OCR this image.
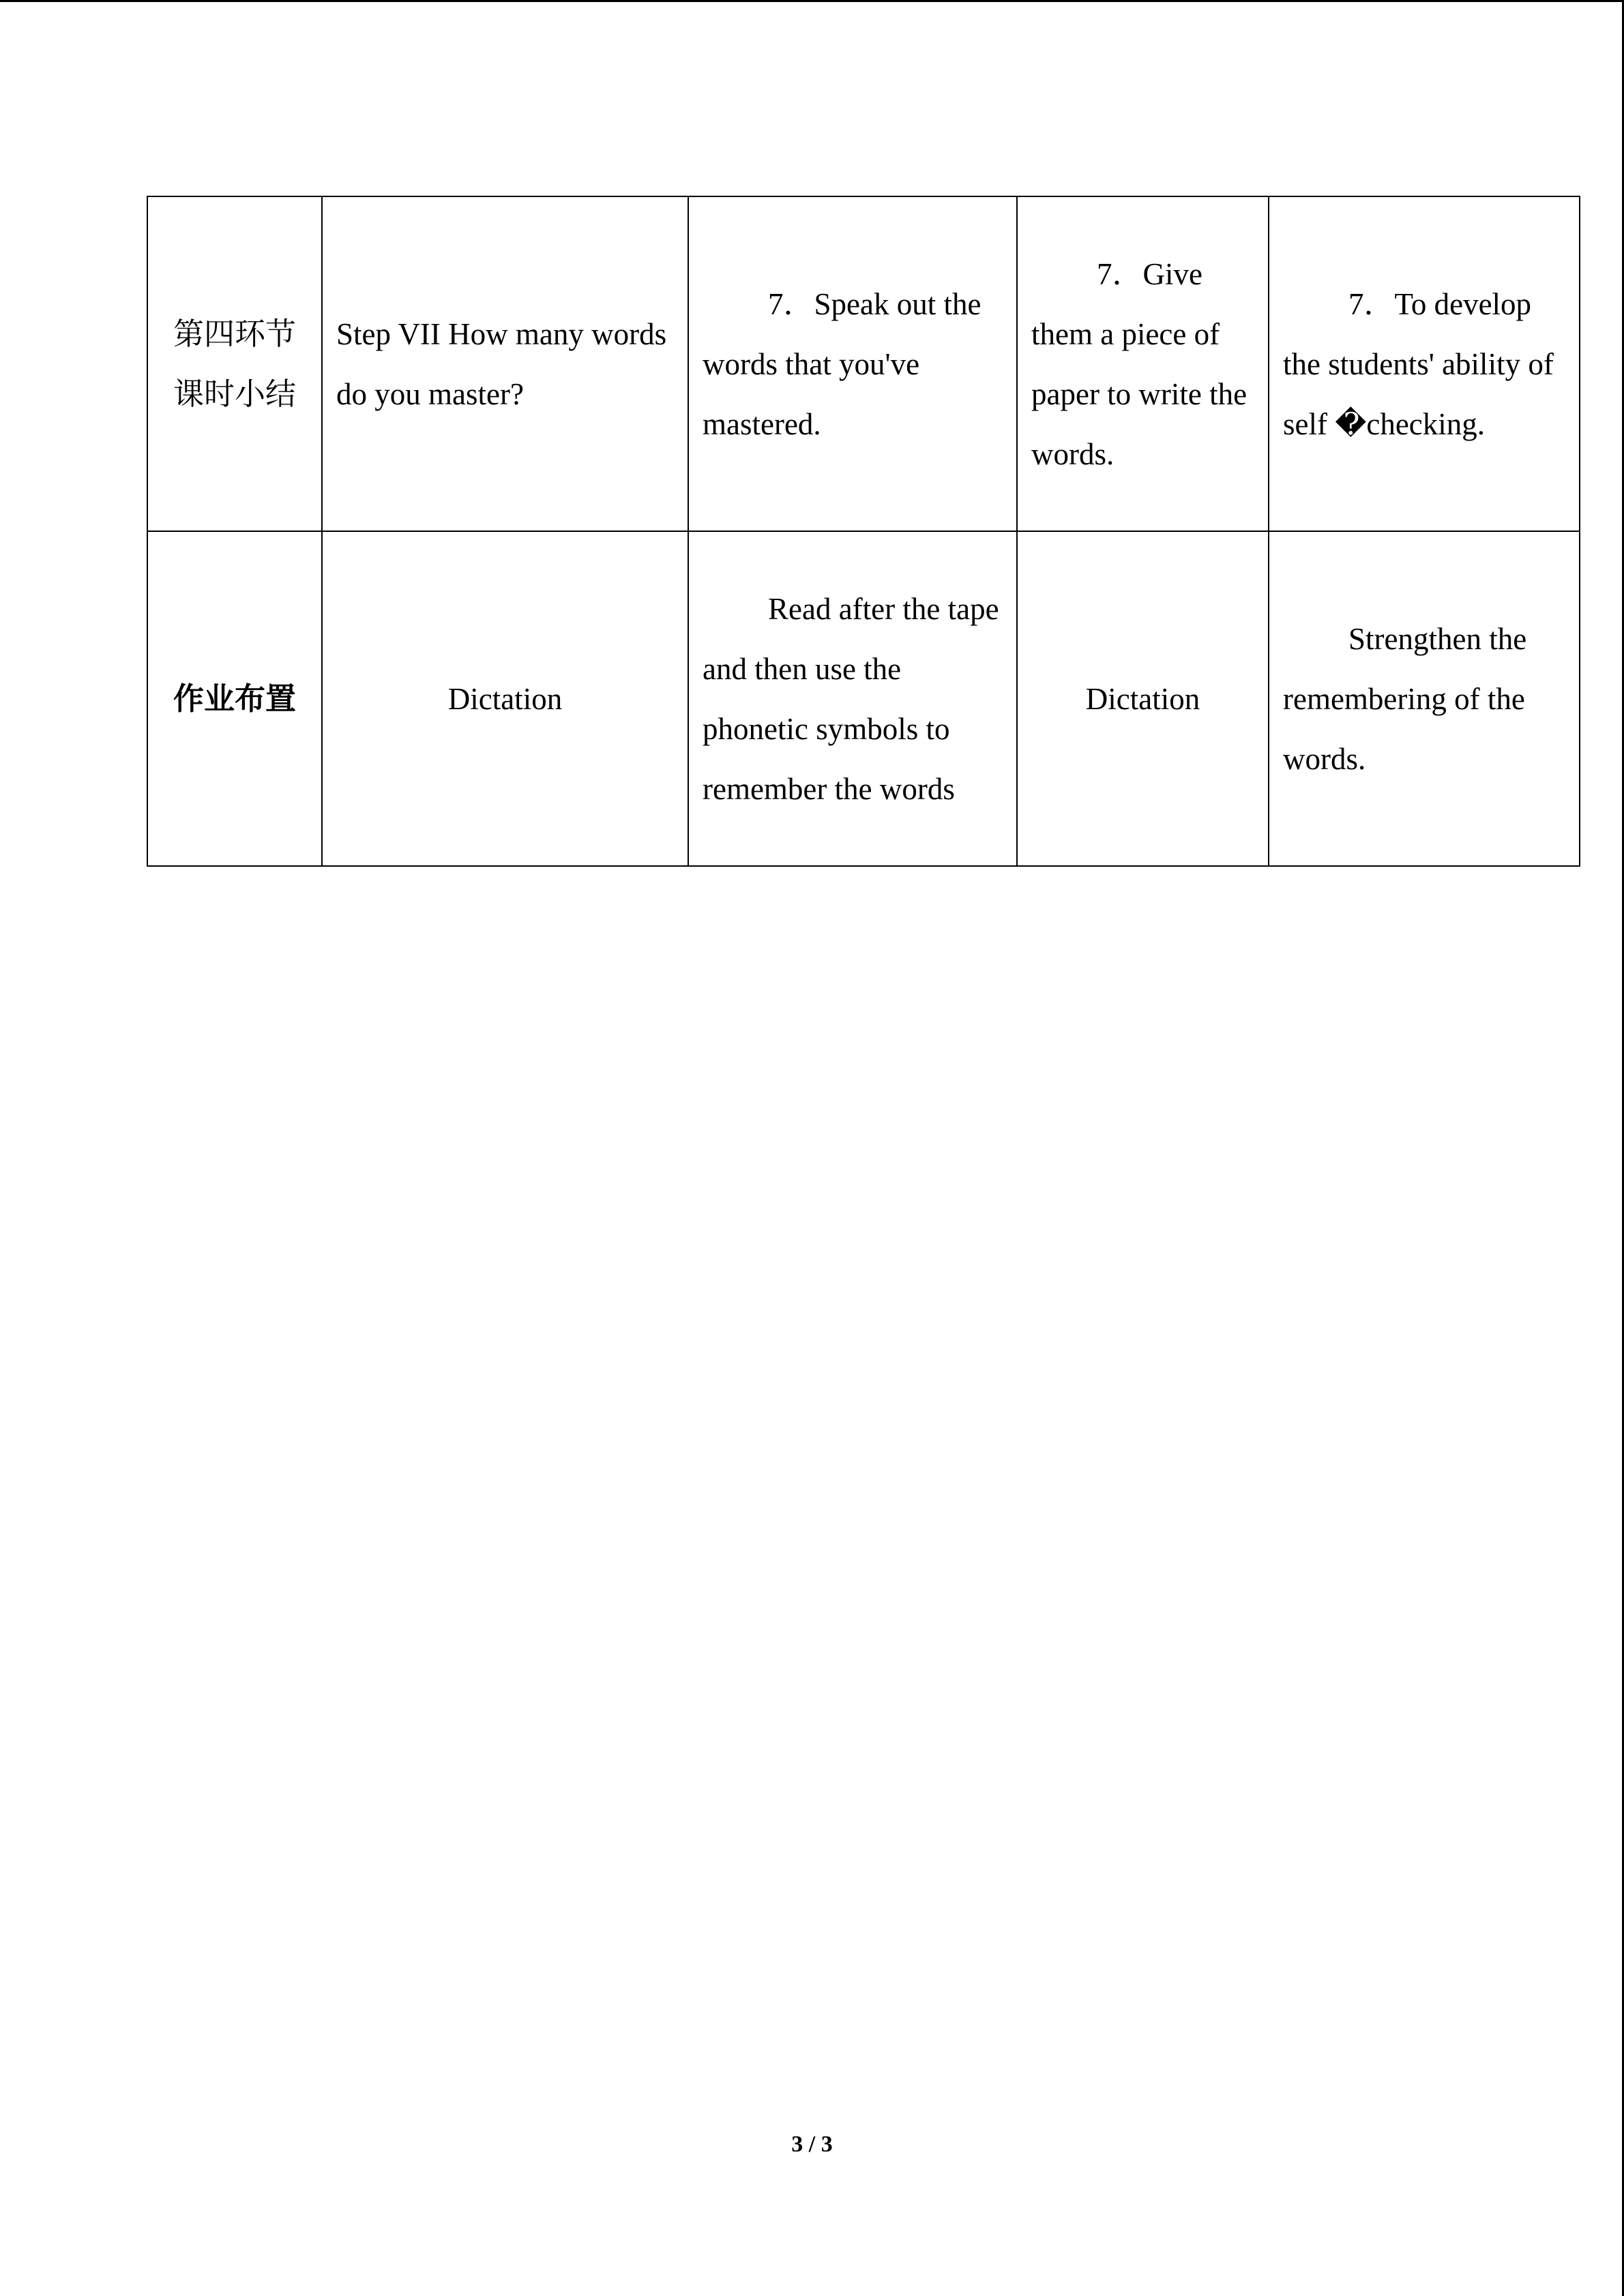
第四环节课时小结	Step VII How many words do you master?	7．Speak out the words that you've mastered.	7．Give them a piece of paper to write the words.	7．To develop the students' ability of self �checking.
作业布置	Dictation	Read after the tape and then use the phonetic symbols to remember the words	Dictation	Strengthen the remembering of the words.
3 / 3
